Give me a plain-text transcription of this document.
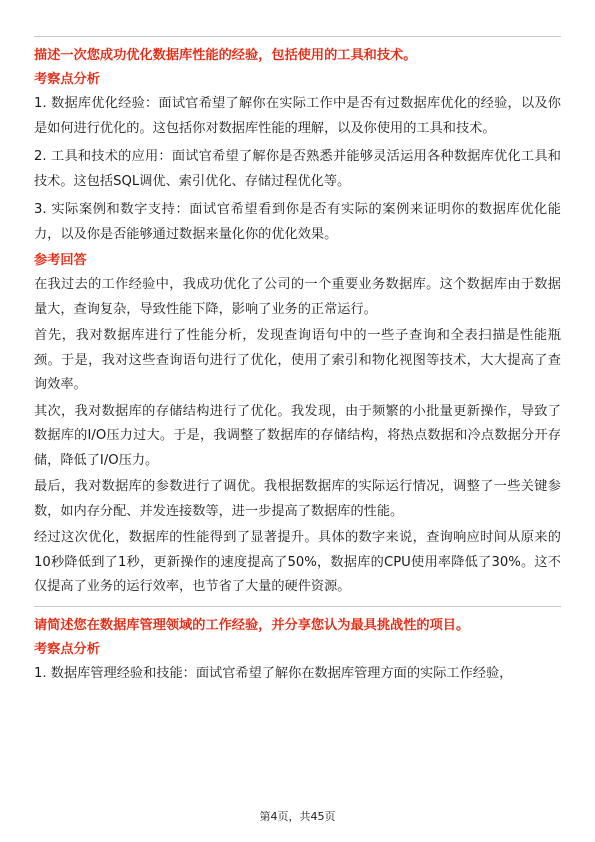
描述一次您成功优化数据库性能的经验，包括使用的工具和技术。
考察点分析

1. 数据库优化经验：面试官希望了解你在实际工作中是否有过数据库优化的经验，以及你是如何进行优化的。这包括你对数据库性能的理解，以及你使用的工具和技术。

2. 工具和技术的应用：面试官希望了解你是否熟悉并能够灵活运用各种数据库优化工具和技术。这包括SQL调优、索引优化、存储过程优化等。

3. 实际案例和数字支持：面试官希望看到你是否有实际的案例来证明你的数据库优化能力，以及你是否能够通过数据来量化你的优化效果。

参考回答

在我过去的工作经验中，我成功优化了公司的一个重要业务数据库。这个数据库由于数据量大，查询复杂，导致性能下降，影响了业务的正常运行。

首先，我对数据库进行了性能分析，发现查询语句中的一些子查询和全表扫描是性能瓶颈。于是，我对这些查询语句进行了优化，使用了索引和物化视图等技术，大大提高了查询效率。

其次，我对数据库的存储结构进行了优化。我发现，由于频繁的小批量更新操作，导致了数据库的I/O压力过大。于是，我调整了数据库的存储结构，将热点数据和冷点数据分开存储，降低了I/O压力。

最后，我对数据库的参数进行了调优。我根据数据库的实际运行情况，调整了一些关键参数，如内存分配、并发连接数等，进一步提高了数据库的性能。

经过这次优化，数据库的性能得到了显著提升。具体的数字来说，查询响应时间从原来的10秒降低到了1秒，更新操作的速度提高了50%，数据库的CPU使用率降低了30%。这不仅提高了业务的运行效率，也节省了大量的硬件资源。

请简述您在数据库管理领域的工作经验，并分享您认为最具挑战性的项目。
考察点分析

1. 数据库管理经验和技能：面试官希望了解你在数据库管理方面的实际工作经验，

第4页，共45页
